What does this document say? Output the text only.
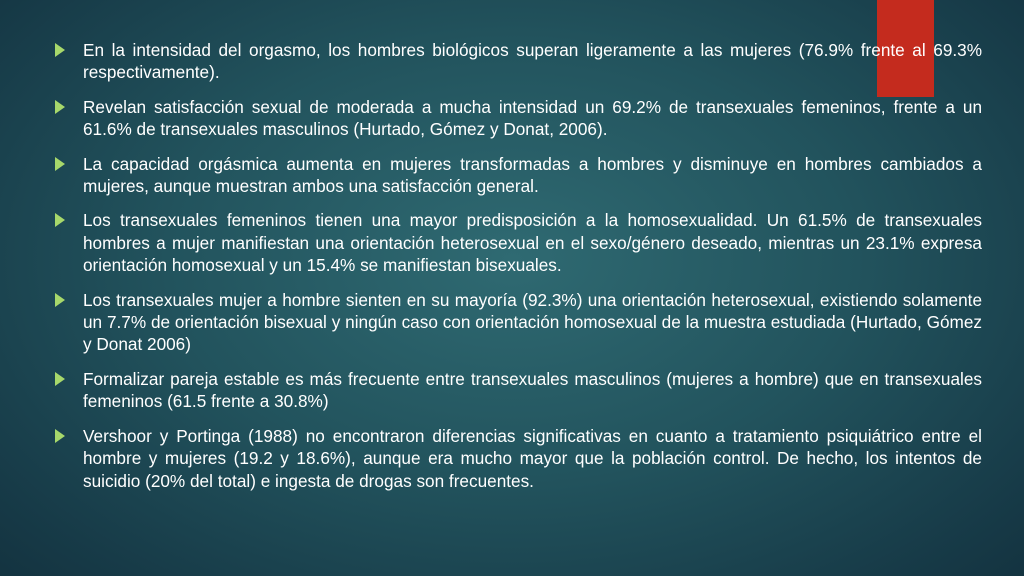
En la intensidad del orgasmo, los hombres biológicos superan ligeramente a las mujeres (76.9% frente al 69.3% respectivamente).
Revelan satisfacción sexual de moderada a mucha intensidad un 69.2% de transexuales femeninos, frente a un 61.6% de transexuales masculinos (Hurtado, Gómez y Donat, 2006).
La capacidad orgásmica aumenta en mujeres transformadas a hombres y disminuye en hombres cambiados a mujeres, aunque muestran ambos una satisfacción general.
Los transexuales femeninos tienen una mayor predisposición a la homosexualidad. Un 61.5% de transexuales hombres a mujer manifiestan una orientación heterosexual en el sexo/género deseado, mientras un 23.1% expresa orientación homosexual y un 15.4% se manifiestan bisexuales.
Los transexuales mujer a hombre sienten en su mayoría (92.3%) una orientación heterosexual, existiendo solamente un 7.7% de orientación bisexual y ningún caso con orientación homosexual de la muestra estudiada (Hurtado, Gómez y Donat 2006)
Formalizar pareja estable es más frecuente entre transexuales masculinos (mujeres a hombre) que en transexuales femeninos (61.5 frente a 30.8%)
Vershoor y Portinga (1988) no encontraron diferencias significativas en cuanto a tratamiento psiquiátrico entre el hombre y mujeres (19.2 y 18.6%), aunque era mucho mayor que la población control. De hecho, los intentos de suicidio (20% del total) e ingesta de drogas son frecuentes.
